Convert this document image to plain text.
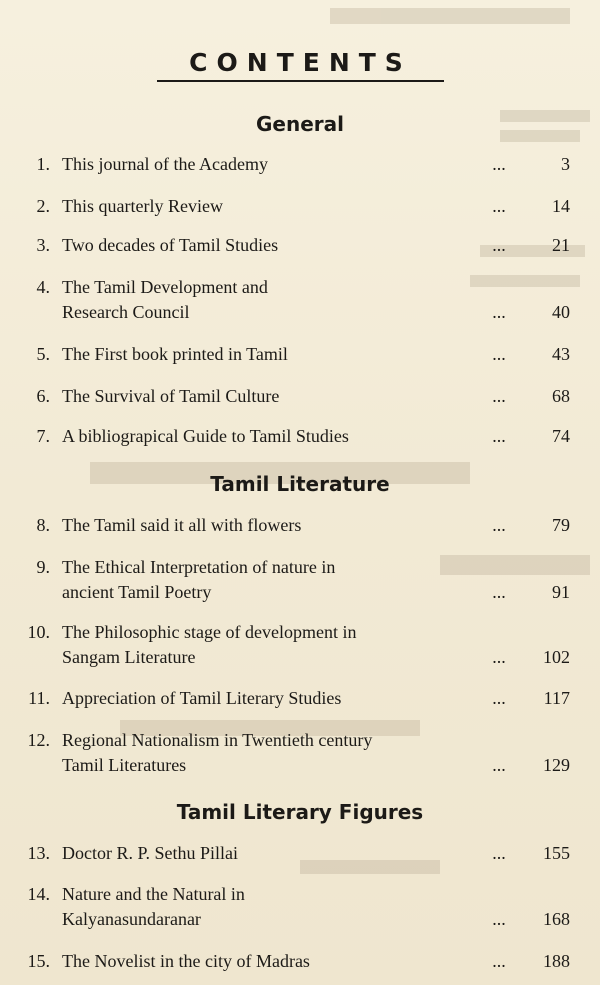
CONTENTS
General
1. This journal of the Academy	...	3
2. This quarterly Review	...	14
3. Two decades of Tamil Studies	...	21
4. The Tamil Development and
Research Council	...	40
5. The First book printed in Tamil	...	43
6. The Survival of Tamil Culture	...	68
7. A bibliograpical Guide to Tamil Studies	...	74
Tamil Literature
8. The Tamil said it all with flowers	...	79
9. The Ethical Interpretation of nature in
ancient Tamil Poetry	...	91
10. The Philosophic stage of development in
Sangam Literature	...	102
11. Appreciation of Tamil Literary Studies	...	117
12. Regional Nationalism in Twentieth century
Tamil Literatures	...	129
Tamil Literary Figures
13. Doctor R. P. Sethu Pillai	...	155
14. Nature and the Natural in
Kalyanasundaranar	...	168
15. The Novelist in the city of Madras	...	188
